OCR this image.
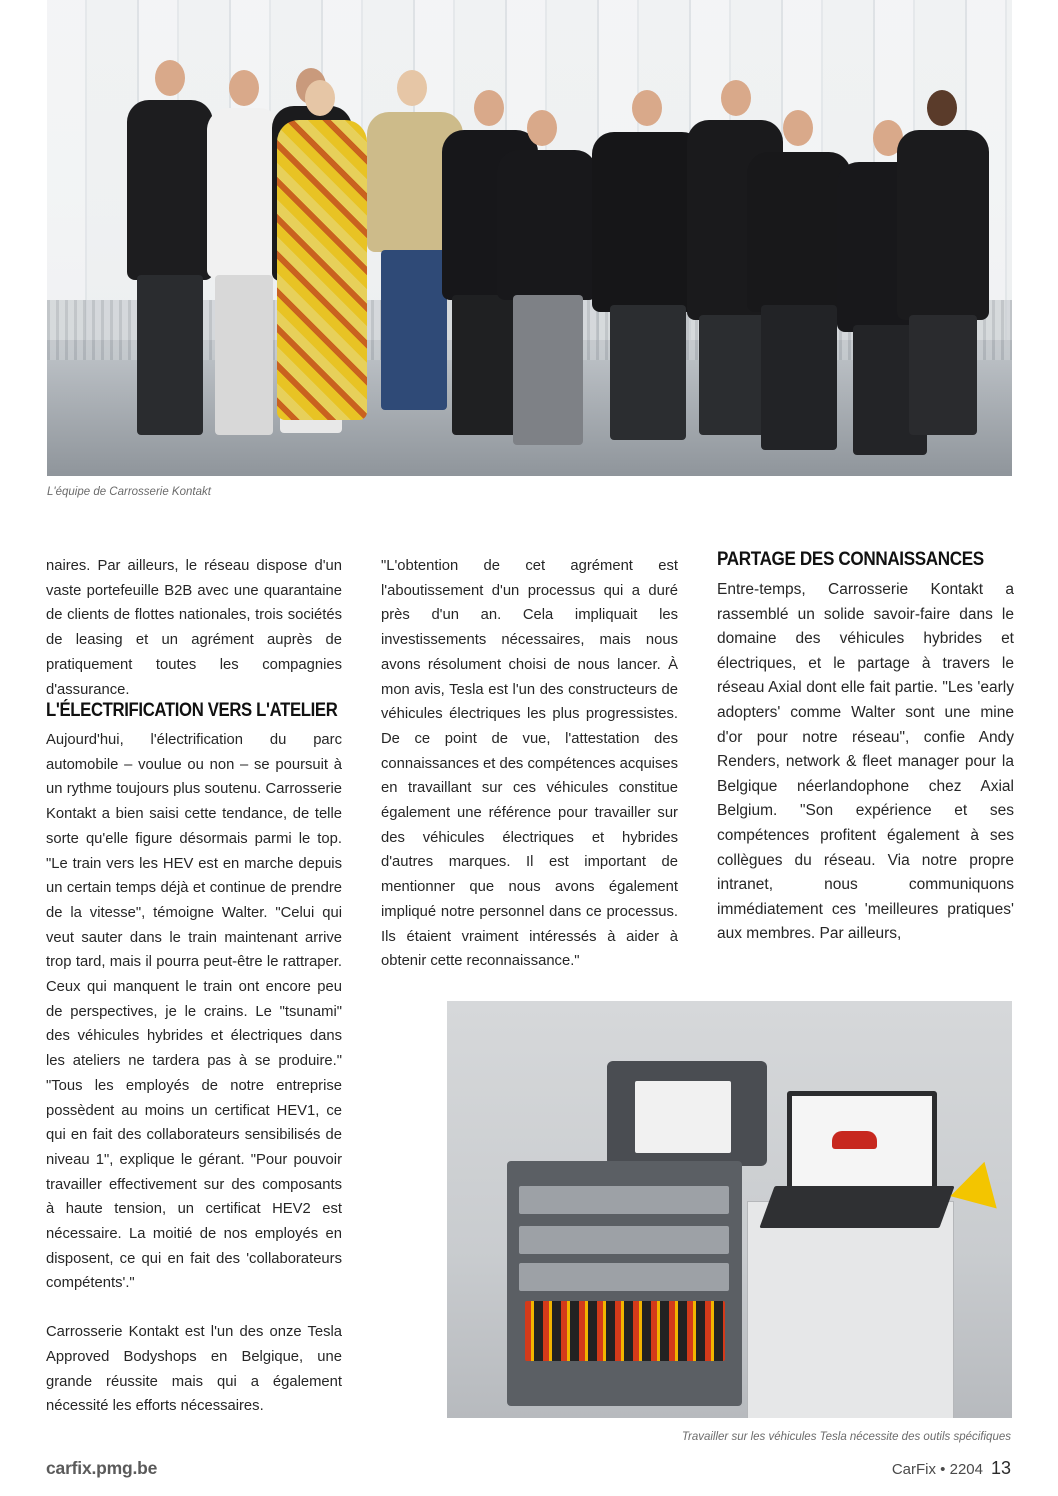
L'équipe de Carrosserie Kontakt

naires. Par ailleurs, le réseau dispose d'un vaste portefeuille B2B avec une quarantaine de clients de flottes nationales, trois sociétés de leasing et un agrément auprès de pratiquement toutes les compagnies d'assurance.

L'ÉLECTRIFICATION VERS L'ATELIER

Aujourd'hui, l'électrification du parc automobile – voulue ou non – se poursuit à un rythme toujours plus soutenu. Carrosserie Kontakt a bien saisi cette tendance, de telle sorte qu'elle figure désormais parmi le top. "Le train vers les HEV est en marche depuis un certain temps déjà et continue de prendre de la vitesse", témoigne Walter. "Celui qui veut sauter dans le train maintenant arrive trop tard, mais il pourra peut-être le rattraper. Ceux qui manquent le train ont encore peu de perspectives, je le crains. Le "tsunami" des véhicules hybrides et électriques dans les ateliers ne tardera pas à se produire." "Tous les employés de notre entreprise possèdent au moins un certificat HEV1, ce qui en fait des collaborateurs sensibilisés de niveau 1", explique le gérant. "Pour pouvoir travailler effectivement sur des composants à haute tension, un certificat HEV2 est nécessaire. La moitié de nos employés en disposent, ce qui en fait des 'collaborateurs compétents'."

Carrosserie Kontakt est l'un des onze Tesla Approved Bodyshops en Belgique, une grande réussite mais qui a également nécessité les efforts nécessaires.

"L'obtention de cet agrément est l'aboutissement d'un processus qui a duré près d'un an. Cela impliquait les investissements nécessaires, mais nous avons résolument choisi de nous lancer. À mon avis, Tesla est l'un des constructeurs de véhicules électriques les plus progressistes. De ce point de vue, l'attestation des connaissances et des compétences acquises en travaillant sur ces véhicules constitue également une référence pour travailler sur des véhicules électriques et hybrides d'autres marques. Il est important de mentionner que nous avons également impliqué notre personnel dans ce processus. Ils étaient vraiment intéressés à aider à obtenir cette reconnaissance."

PARTAGE DES CONNAISSANCES

Entre-temps, Carrosserie Kontakt a rassemblé un solide savoir-faire dans le domaine des véhicules hybrides et électriques, et le partage à travers le réseau Axial dont elle fait partie. "Les 'early adopters' comme Walter sont une mine d'or pour notre réseau", confie Andy Renders, network & fleet manager pour la Belgique néerlandophone chez Axial Belgium. "Son expérience et ses compétences profitent également à ses collègues du réseau. Via notre propre intranet, nous communiquons immédiatement ces 'meilleures pratiques' aux membres. Par ailleurs,

Travailler sur les véhicules Tesla nécessite des outils spécifiques
carfix.pmg.be	CarFix • 2204 13
